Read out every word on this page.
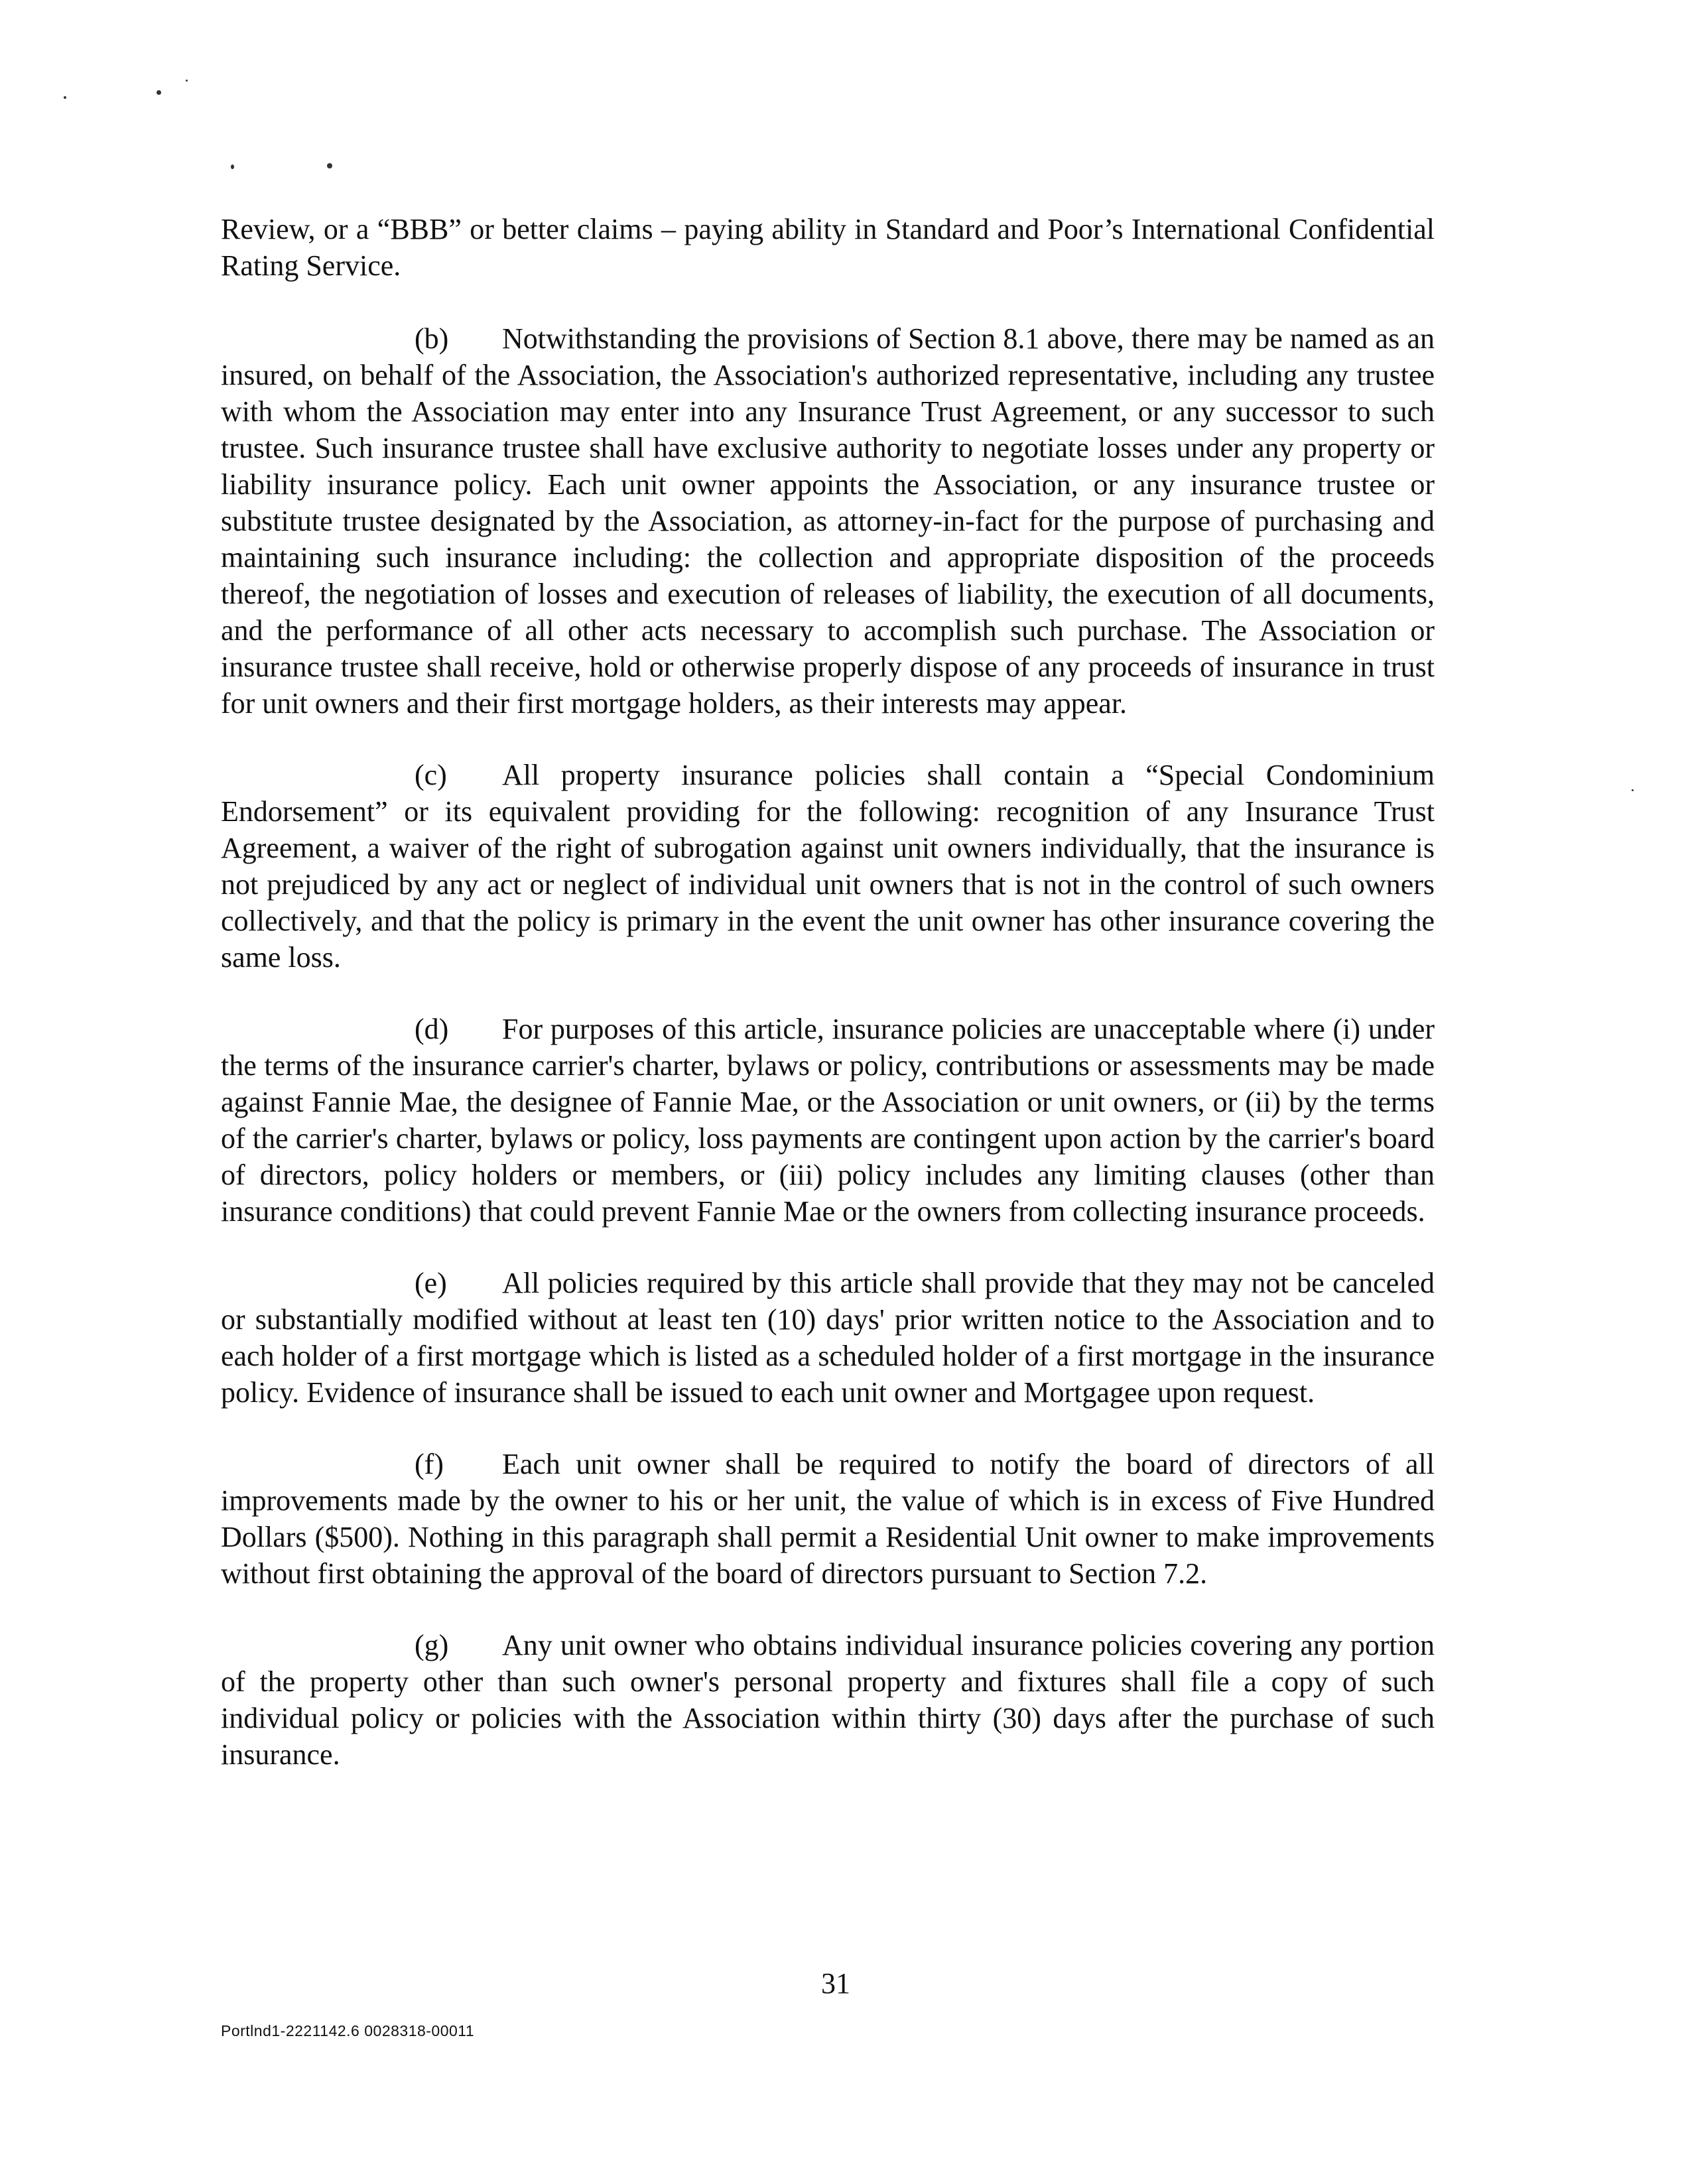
Review, or a “BBB” or better claims – paying ability in Standard and Poor’s International Confidential Rating Service.

(b) Notwithstanding the provisions of Section 8.1 above, there may be named as an insured, on behalf of the Association, the Association's authorized representative, including any trustee with whom the Association may enter into any Insurance Trust Agreement, or any successor to such trustee. Such insurance trustee shall have exclusive authority to negotiate losses under any property or liability insurance policy. Each unit owner appoints the Association, or any insurance trustee or substitute trustee designated by the Association, as attorney-in-fact for the purpose of purchasing and maintaining such insurance including: the collection and appropriate disposition of the proceeds thereof, the negotiation of losses and execution of releases of liability, the execution of all documents, and the performance of all other acts necessary to accomplish such purchase. The Association or insurance trustee shall receive, hold or otherwise properly dispose of any proceeds of insurance in trust for unit owners and their first mortgage holders, as their interests may appear.

(c) All property insurance policies shall contain a “Special Condominium Endorsement” or its equivalent providing for the following: recognition of any Insurance Trust Agreement, a waiver of the right of subrogation against unit owners individually, that the insurance is not prejudiced by any act or neglect of individual unit owners that is not in the control of such owners collectively, and that the policy is primary in the event the unit owner has other insurance covering the same loss.

(d) For purposes of this article, insurance policies are unacceptable where (i) under the terms of the insurance carrier's charter, bylaws or policy, contributions or assessments may be made against Fannie Mae, the designee of Fannie Mae, or the Association or unit owners, or (ii) by the terms of the carrier's charter, bylaws or policy, loss payments are contingent upon action by the carrier's board of directors, policy holders or members, or (iii) policy includes any limiting clauses (other than insurance conditions) that could prevent Fannie Mae or the owners from collecting insurance proceeds.

(e) All policies required by this article shall provide that they may not be canceled or substantially modified without at least ten (10) days' prior written notice to the Association and to each holder of a first mortgage which is listed as a scheduled holder of a first mortgage in the insurance policy. Evidence of insurance shall be issued to each unit owner and Mortgagee upon request.

(f) Each unit owner shall be required to notify the board of directors of all improvements made by the owner to his or her unit, the value of which is in excess of Five Hundred Dollars ($500). Nothing in this paragraph shall permit a Residential Unit owner to make improvements without first obtaining the approval of the board of directors pursuant to Section 7.2.

(g) Any unit owner who obtains individual insurance policies covering any portion of the property other than such owner's personal property and fixtures shall file a copy of such individual policy or policies with the Association within thirty (30) days after the purchase of such insurance.

31
Portlnd1-2221142.6 0028318-00011
